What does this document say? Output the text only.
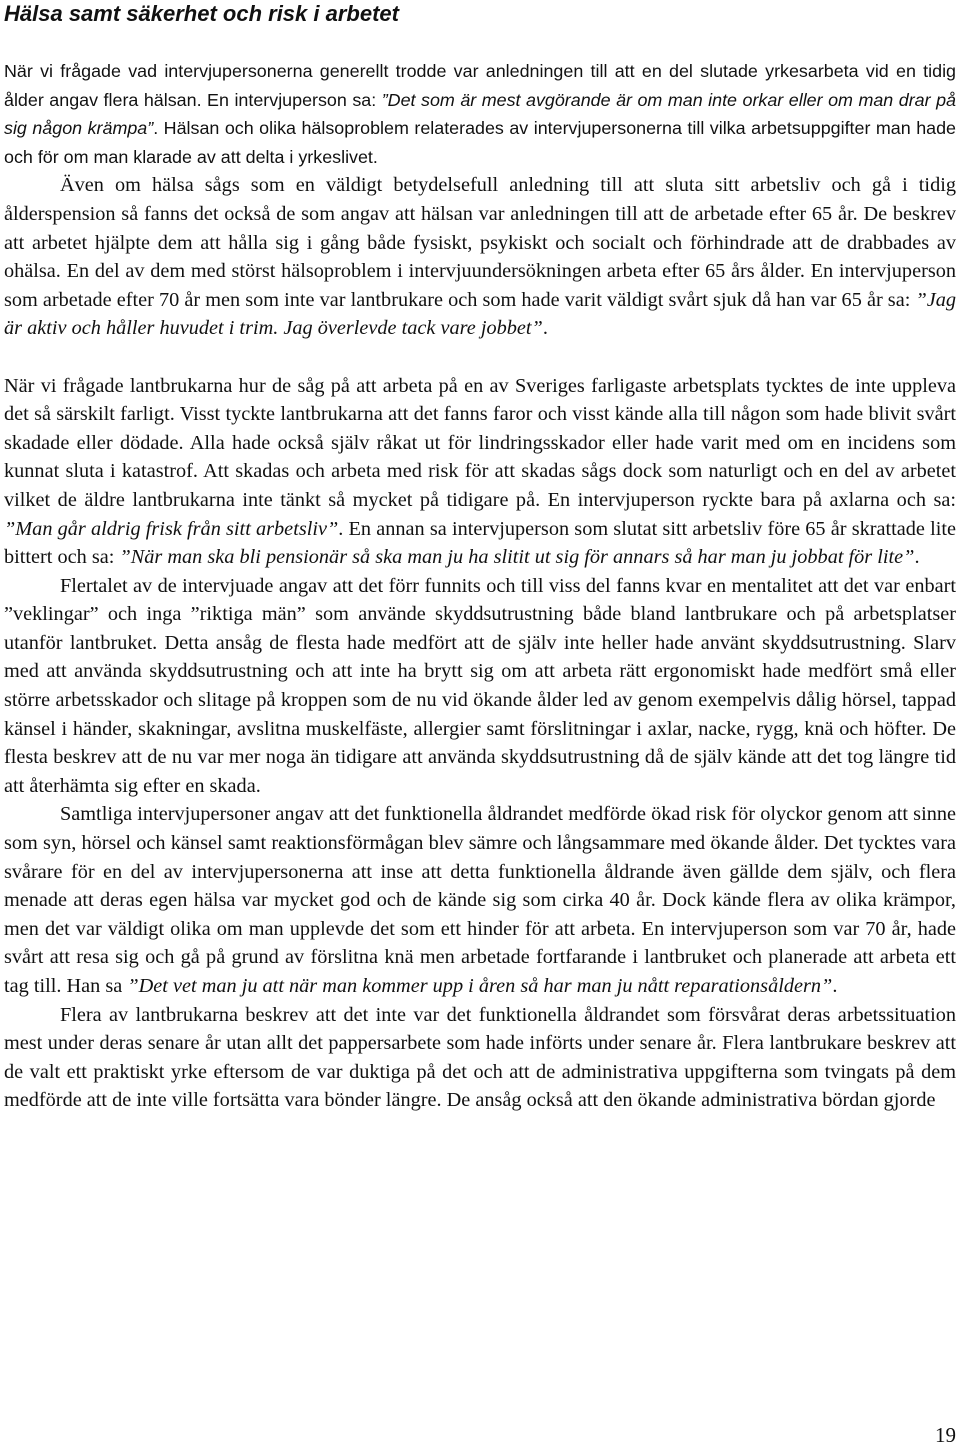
Hälsa samt säkerhet och risk i arbetet

När vi frågade vad intervjupersonerna generellt trodde var anledningen till att en del slutade yrkesarbeta vid en tidig ålder angav flera hälsan. En intervjuperson sa: ”Det som är mest avgörande är om man inte orkar eller om man drar på sig någon krämpa”. Hälsan och olika hälsoproblem relaterades av intervjupersonerna till vilka arbetsuppgifter man hade och för om man klarade av att delta i yrkeslivet.

Även om hälsa sågs som en väldigt betydelsefull anledning till att sluta sitt arbetsliv och gå i tidig ålderspension så fanns det också de som angav att hälsan var anledningen till att de arbetade efter 65 år. De beskrev att arbetet hjälpte dem att hålla sig i gång både fysiskt, psykiskt och socialt och förhindrade att de drabbades av ohälsa. En del av dem med störst hälsoproblem i intervjuundersökningen arbeta efter 65 års ålder. En intervjuperson som arbetade efter 70 år men som inte var lantbrukare och som hade varit väldigt svårt sjuk då han var 65 år sa: ”Jag är aktiv och håller huvudet i trim. Jag överlevde tack vare jobbet”.

När vi frågade lantbrukarna hur de såg på att arbeta på en av Sveriges farligaste arbetsplats tycktes de inte uppleva det så särskilt farligt. Visst tyckte lantbrukarna att det fanns faror och visst kände alla till någon som hade blivit svårt skadade eller dödade. Alla hade också själv råkat ut för lindringsskador eller hade varit med om en incidens som kunnat sluta i katastrof. Att skadas och arbeta med risk för att skadas sågs dock som naturligt och en del av arbetet vilket de äldre lantbrukarna inte tänkt så mycket på tidigare på. En intervjuperson ryckte bara på axlarna och sa: ”Man går aldrig frisk från sitt arbetsliv”. En annan sa intervjuperson som slutat sitt arbetsliv före 65 år skrattade lite bittert och sa: ”När man ska bli pensionär så ska man ju ha slitit ut sig för annars så har man ju jobbat för lite”.

Flertalet av de intervjuade angav att det förr funnits och till viss del fanns kvar en mentalitet att det var enbart ”veklingar” och inga ”riktiga män” som använde skyddsutrustning både bland lantbrukare och på arbetsplatser utanför lantbruket. Detta ansåg de flesta hade medfört att de själv inte heller hade använt skyddsutrustning. Slarv med att använda skyddsutrustning och att inte ha brytt sig om att arbeta rätt ergonomiskt hade medfört små eller större arbetsskador och slitage på kroppen som de nu vid ökande ålder led av genom exempelvis dålig hörsel, tappad känsel i händer, skakningar, avslitna muskelfäste, allergier samt förslitningar i axlar, nacke, rygg, knä och höfter. De flesta beskrev att de nu var mer noga än tidigare att använda skyddsutrustning då de själv kände att det tog längre tid att återhämta sig efter en skada.

Samtliga intervjupersoner angav att det funktionella åldrandet medförde ökad risk för olyckor genom att sinne som syn, hörsel och känsel samt reaktionsförmågan blev sämre och långsammare med ökande ålder. Det tycktes vara svårare för en del av intervjupersonerna att inse att detta funktionella åldrande även gällde dem själv, och flera menade att deras egen hälsa var mycket god och de kände sig som cirka 40 år. Dock kände flera av olika krämpor, men det var väldigt olika om man upplevde det som ett hinder för att arbeta. En intervjuperson som var 70 år, hade svårt att resa sig och gå på grund av förslitna knä men arbetade fortfarande i lantbruket och planerade att arbeta ett tag till. Han sa ”Det vet man ju att när man kommer upp i åren så har man ju nått reparationsåldern”.

Flera av lantbrukarna beskrev att det inte var det funktionella åldrandet som försvårat deras arbetssituation mest under deras senare år utan allt det pappersarbete som hade införts under senare år. Flera lantbrukare beskrev att de valt ett praktiskt yrke eftersom de var duktiga på det och att de administrativa uppgifterna som tvingats på dem medförde att de inte ville fortsätta vara bönder längre. De ansåg också att den ökande administrativa bördan gjorde

19
